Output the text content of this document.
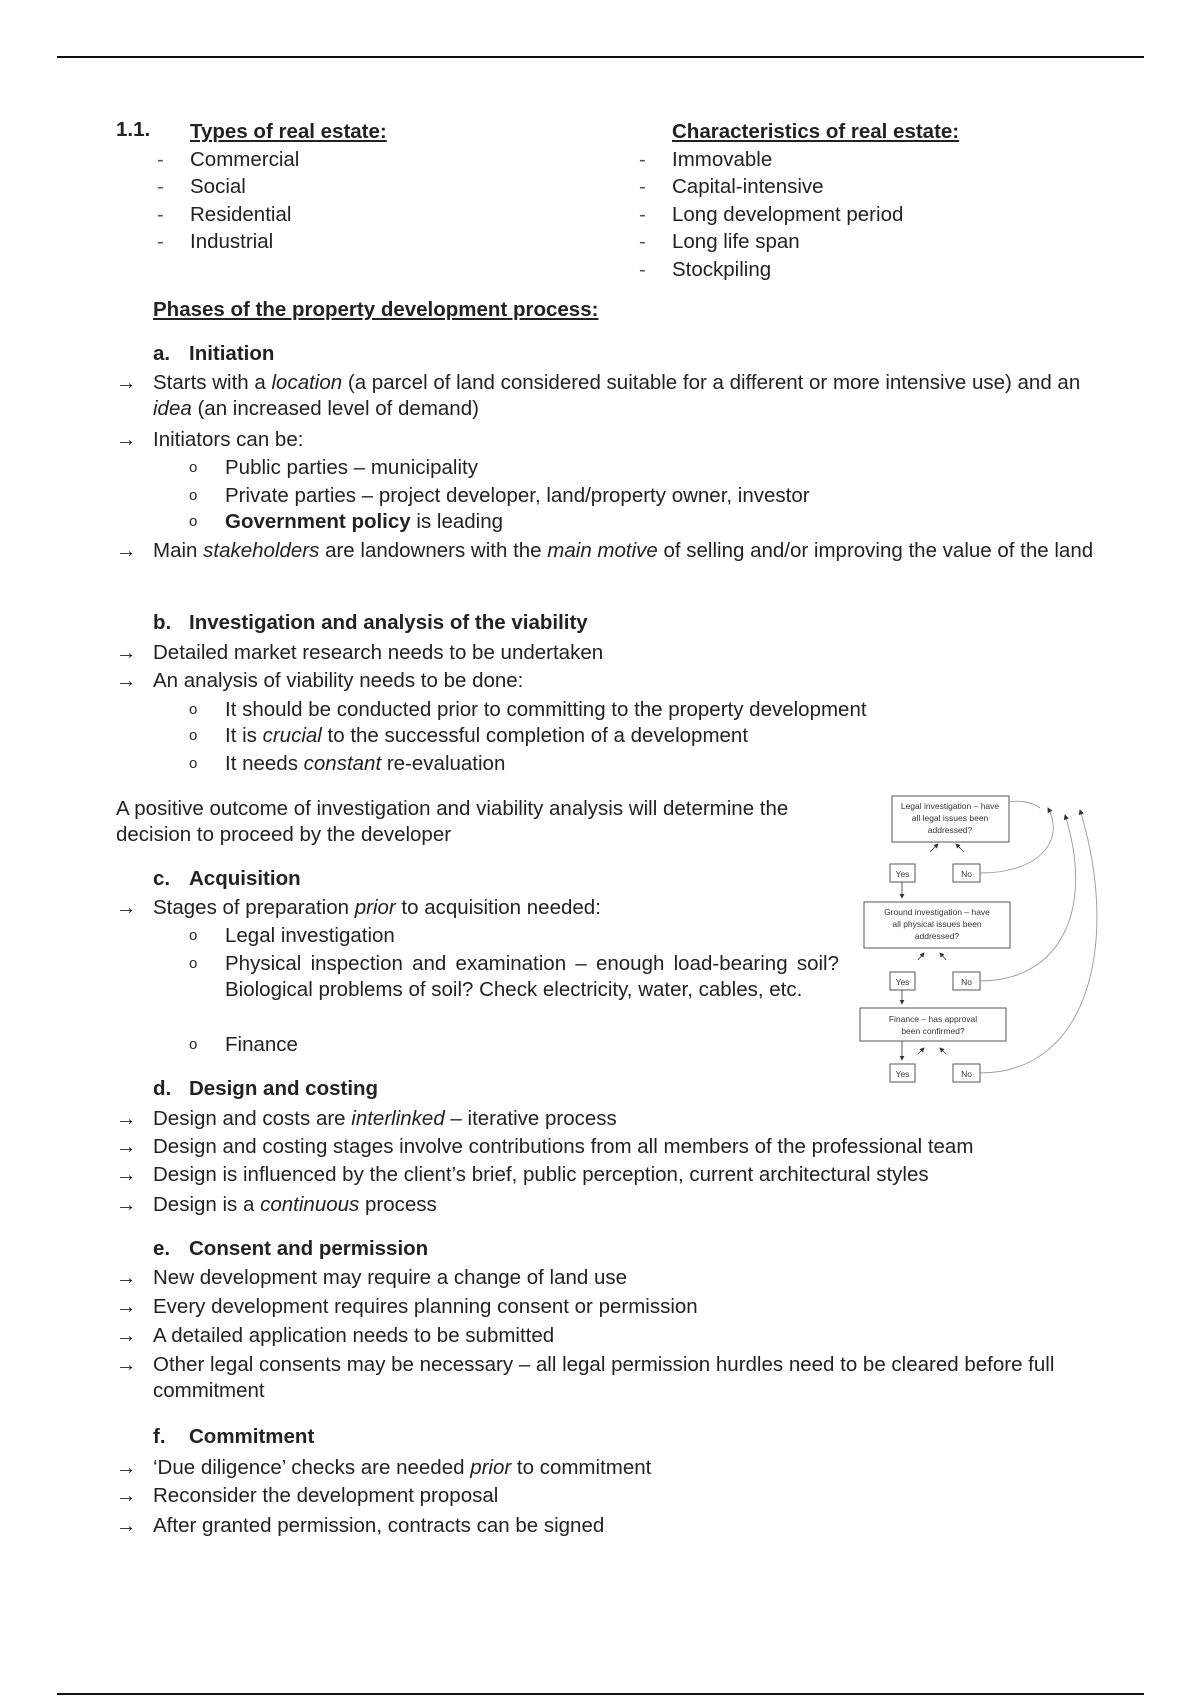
1.1. Types of real estate:
- Commercial
- Social
- Residential
- Industrial
Characteristics of real estate:
- Immovable
- Capital-intensive
- Long development period
- Long life span
- Stockpiling
Phases of the property development process:
a. Initiation
→ Starts with a location (a parcel of land considered suitable for a different or more intensive use) and an idea (an increased level of demand)
→ Initiators can be:
o Public parties – municipality
o Private parties – project developer, land/property owner, investor
o Government policy is leading
→ Main stakeholders are landowners with the main motive of selling and/or improving the value of the land
b. Investigation and analysis of the viability
→ Detailed market research needs to be undertaken
→ An analysis of viability needs to be done:
o It should be conducted prior to committing to the property development
o It is crucial to the successful completion of a development
o It needs constant re-evaluation
A positive outcome of investigation and viability analysis will determine the decision to proceed by the developer
c. Acquisition
→ Stages of preparation prior to acquisition needed:
o Legal investigation
o Physical inspection and examination – enough load-bearing soil? Biological problems of soil? Check electricity, water, cables, etc.
o Finance
Legal investigation – have
all legal issues been
addressed?
Yes	No
Ground investigation – have
all physical issues been
addressed?
Yes	No
Finance – has approval
been confirmed?
Yes	No
d. Design and costing
→ Design and costs are interlinked – iterative process
→ Design and costing stages involve contributions from all members of the professional team
→ Design is influenced by the client’s brief, public perception, current architectural styles
→ Design is a continuous process
e. Consent and permission
→ New development may require a change of land use
→ Every development requires planning consent or permission
→ A detailed application needs to be submitted
→ Other legal consents may be necessary – all legal permission hurdles need to be cleared before full commitment
f. Commitment
→ ‘Due diligence’ checks are needed prior to commitment
→ Reconsider the development proposal
→ After granted permission, contracts can be signed
